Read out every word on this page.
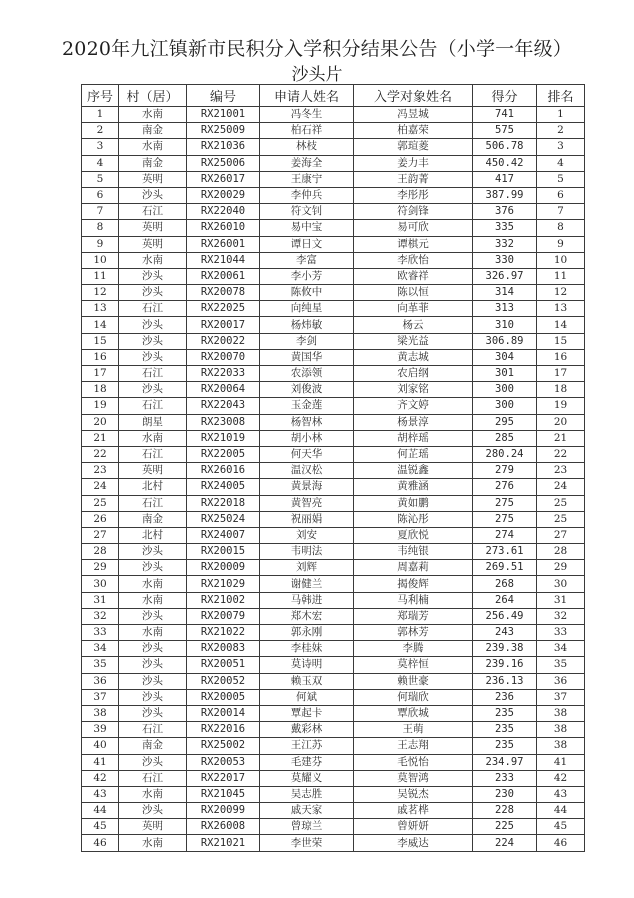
2020年九江镇新市民积分入学积分结果公告（小学一年级）
沙头片
序号	村（居）	编号	申请人姓名	入学对象姓名	得分	排名
1	水南	RX21001	冯冬生	冯昱城	741	1
2	南金	RX25009	柏石祥	柏嘉荣	575	2
3	水南	RX21036	林枝	郭瑄菱	506.78	3
4	南金	RX25006	姜海全	姜力丰	450.42	4
5	英明	RX26017	王康宁	王韵菁	417	5
6	沙头	RX20029	李仲兵	李彤彤	387.99	6
7	石江	RX22040	符文钊	符剑锋	376	7
8	英明	RX26010	易中宝	易可欣	335	8
9	英明	RX26001	谭日文	谭棋元	332	9
10	水南	RX21044	李富	李欣怡	330	10
11	沙头	RX20061	李小芳	欧睿祥	326.97	11
12	沙头	RX20078	陈攸中	陈以恒	314	12
13	石江	RX22025	向纯星	向革菲	313	13
14	沙头	RX20017	杨炜敏	杨云	310	14
15	沙头	RX20022	李剑	梁光益	306.89	15
16	沙头	RX20070	黄国华	黄志城	304	16
17	石江	RX22033	农添领	农启纲	301	17
18	沙头	RX20064	刘俊波	刘家铭	300	18
19	石江	RX22043	玉金莲	齐文婷	300	19
20	朗星	RX23008	杨智林	杨景淳	295	20
21	水南	RX21019	胡小林	胡梓瑶	285	21
22	石江	RX22005	何天华	何芷瑶	280.24	22
23	英明	RX26016	温汉松	温锐鑫	279	23
24	北村	RX24005	黄景海	黄雅涵	276	24
25	石江	RX22018	黄智亮	黄如鹏	275	25
26	南金	RX25024	祝丽娟	陈沁彤	275	25
27	北村	RX24007	刘安	夏欣悦	274	27
28	沙头	RX20015	韦明法	韦纯银	273.61	28
29	沙头	RX20009	刘辉	周嘉莉	269.51	29
30	水南	RX21029	谢健兰	揭俊辉	268	30
31	水南	RX21002	马韩进	马利楠	264	31
32	沙头	RX20079	郑木宏	郑瑞芳	256.49	32
33	水南	RX21022	郭永刚	郭林芳	243	33
34	沙头	RX20083	李桂妹	李腾	239.38	34
35	沙头	RX20051	莫诗明	莫梓恒	239.16	35
36	沙头	RX20052	赖玉双	赖世豪	236.13	36
37	沙头	RX20005	何斌	何瑞欣	236	37
38	沙头	RX20014	覃起卡	覃欣城	235	38
39	石江	RX22016	戴彩林	王萌	235	38
40	南金	RX25002	王江苏	王志翔	235	38
41	沙头	RX20053	毛建芬	毛悦怡	234.97	41
42	石江	RX22017	莫耀义	莫智鸿	233	42
43	水南	RX21045	吴志胜	吴锐杰	230	43
44	沙头	RX20099	戚天家	戚茗桦	228	44
45	英明	RX26008	曾琼兰	曾妍妍	225	45
46	水南	RX21021	李世荣	李威达	224	46
